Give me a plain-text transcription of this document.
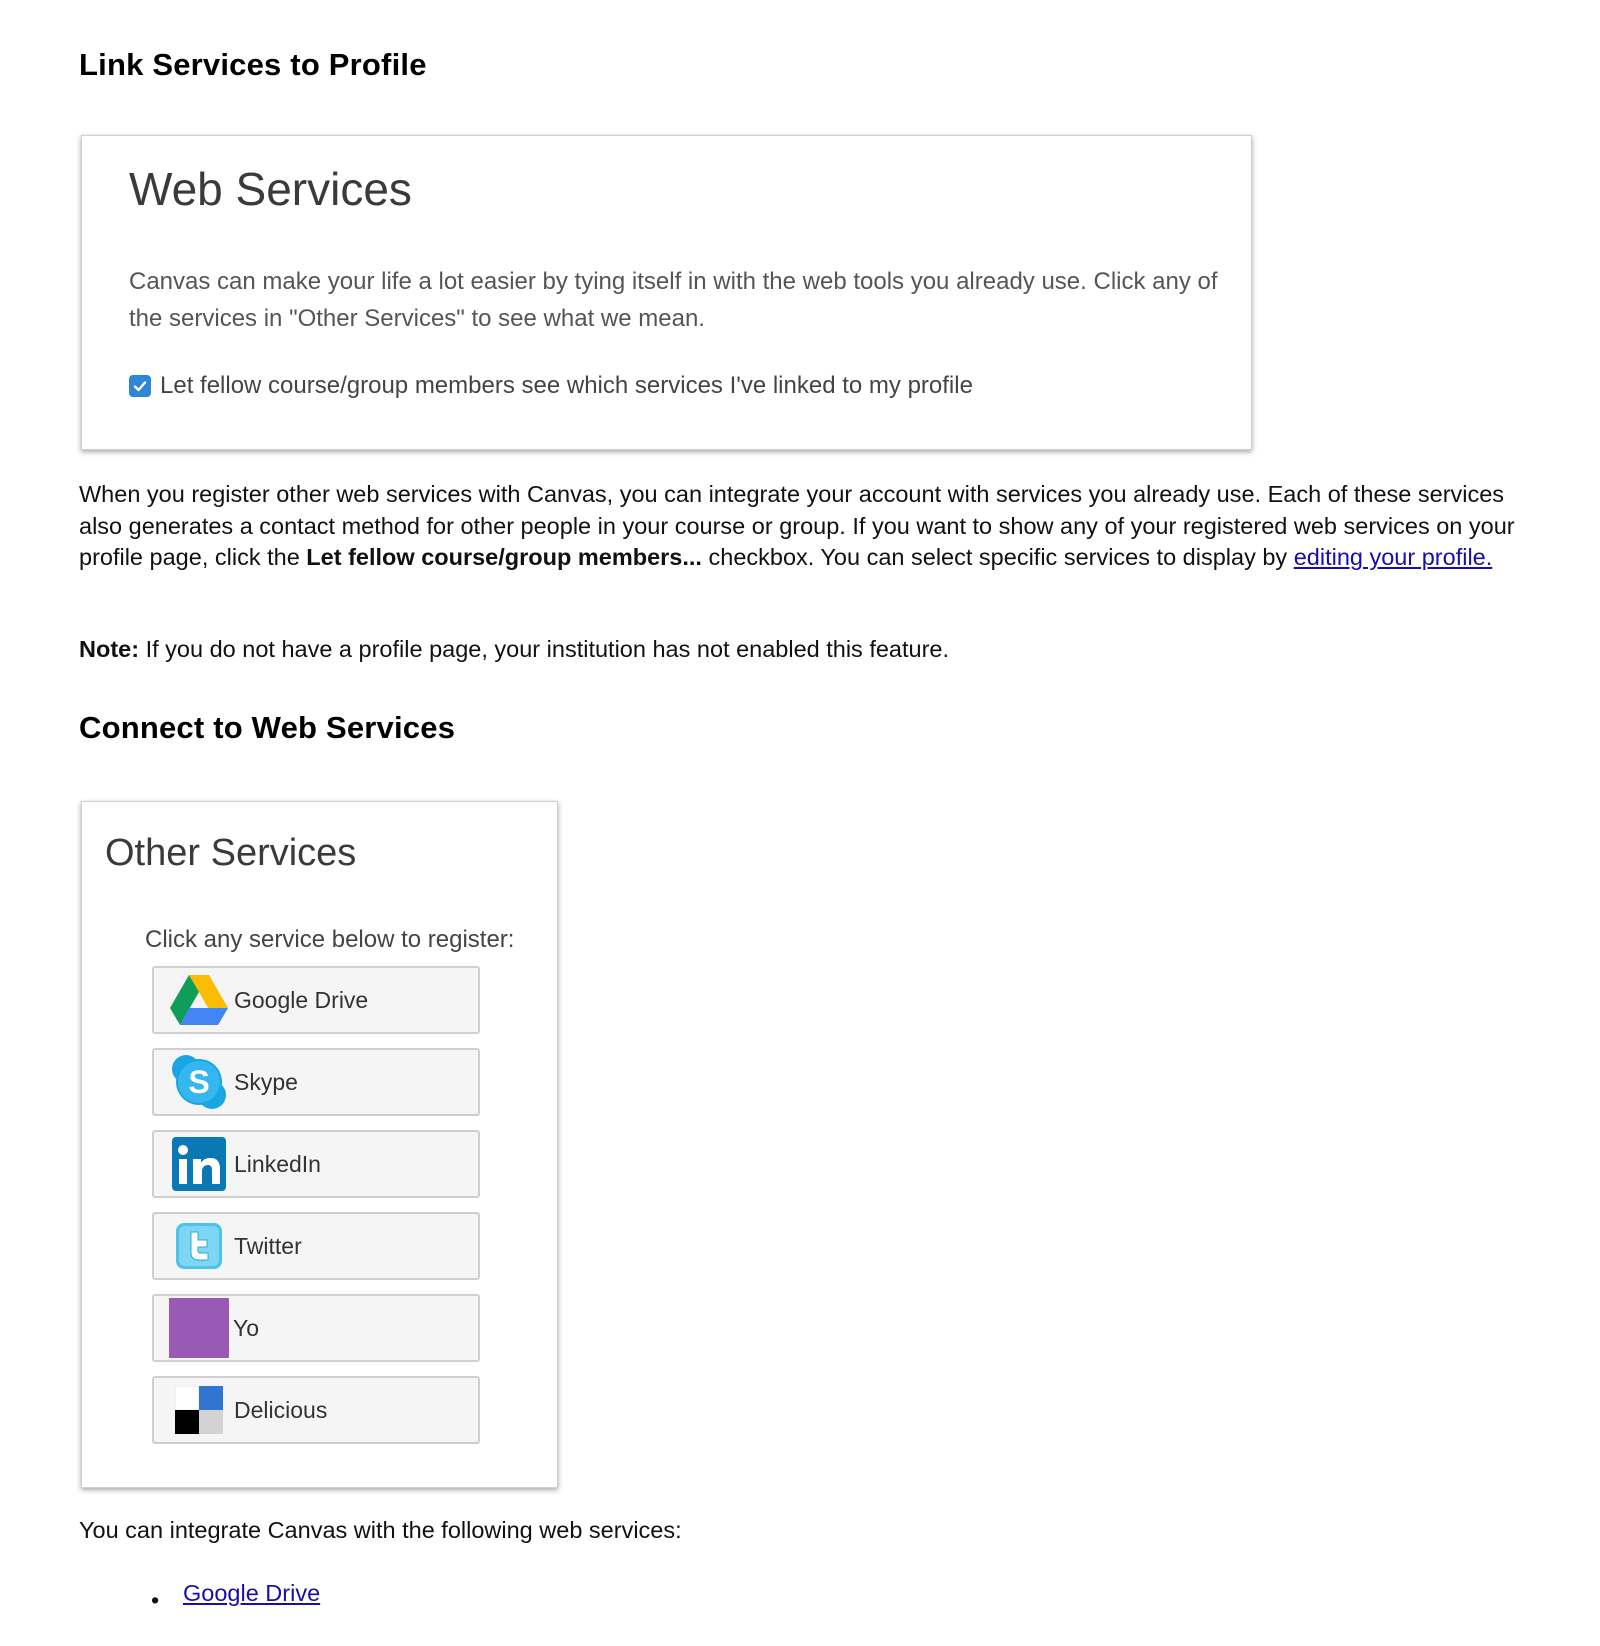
Link Services to Profile
Web Services

Canvas can make your life a lot easier by tying itself in with the web tools you already use. Click any of the services in "Other Services" to see what we mean.

Let fellow course/group members see which services I've linked to my profile

When you register other web services with Canvas, you can integrate your account with services you already use. Each of these services also generates a contact method for other people in your course or group. If you want to show any of your registered web services on your profile page, click the Let fellow course/group members... checkbox. You can select specific services to display by editing your profile.

Note: If you do not have a profile page, your institution has not enabled this feature.

Connect to Web Services
Other Services
Click any service below to register:
Google Drive
S Skype
LinkedIn
Twitter
Yo
Delicious

You can integrate Canvas with the following web services:

• Google Drive
